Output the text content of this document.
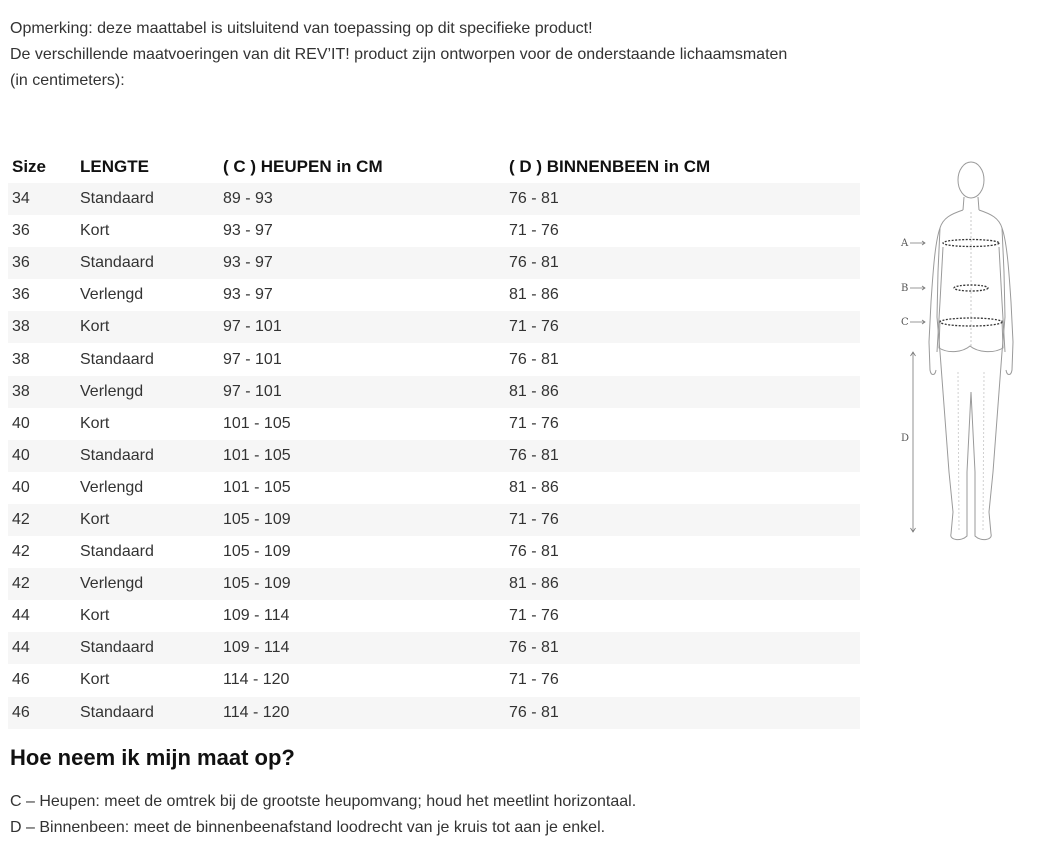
Opmerking: deze maattabel is uitsluitend van toepassing op dit specifieke product!

De verschillende maatvoeringen van dit REV’IT! product zijn ontworpen voor de onderstaande lichaamsmaten (in centimeters):

Size	LENGTE	( C ) HEUPEN in CM	( D ) BINNENBEEN in CM
34	Standaard	89 - 93	76 - 81
36	Kort	93 - 97	71 - 76
36	Standaard	93 - 97	76 - 81
36	Verlengd	93 - 97	81 - 86
38	Kort	97 - 101	71 - 76
38	Standaard	97 - 101	76 - 81
38	Verlengd	97 - 101	81 - 86
40	Kort	101 - 105	71 - 76
40	Standaard	101 - 105	76 - 81
40	Verlengd	101 - 105	81 - 86
42	Kort	105 - 109	71 - 76
42	Standaard	105 - 109	76 - 81
42	Verlengd	105 - 109	81 - 86
44	Kort	109 - 114	71 - 76
44	Standaard	109 - 114	76 - 81
46	Kort	114 - 120	71 - 76
46	Standaard	114 - 120	76 - 81
A
B
C
D
Hoe neem ik mijn maat op?

C – Heupen: meet de omtrek bij de grootste heupomvang; houd het meetlint horizontaal.

D – Binnenbeen: meet de binnenbeenafstand loodrecht van je kruis tot aan je enkel.
